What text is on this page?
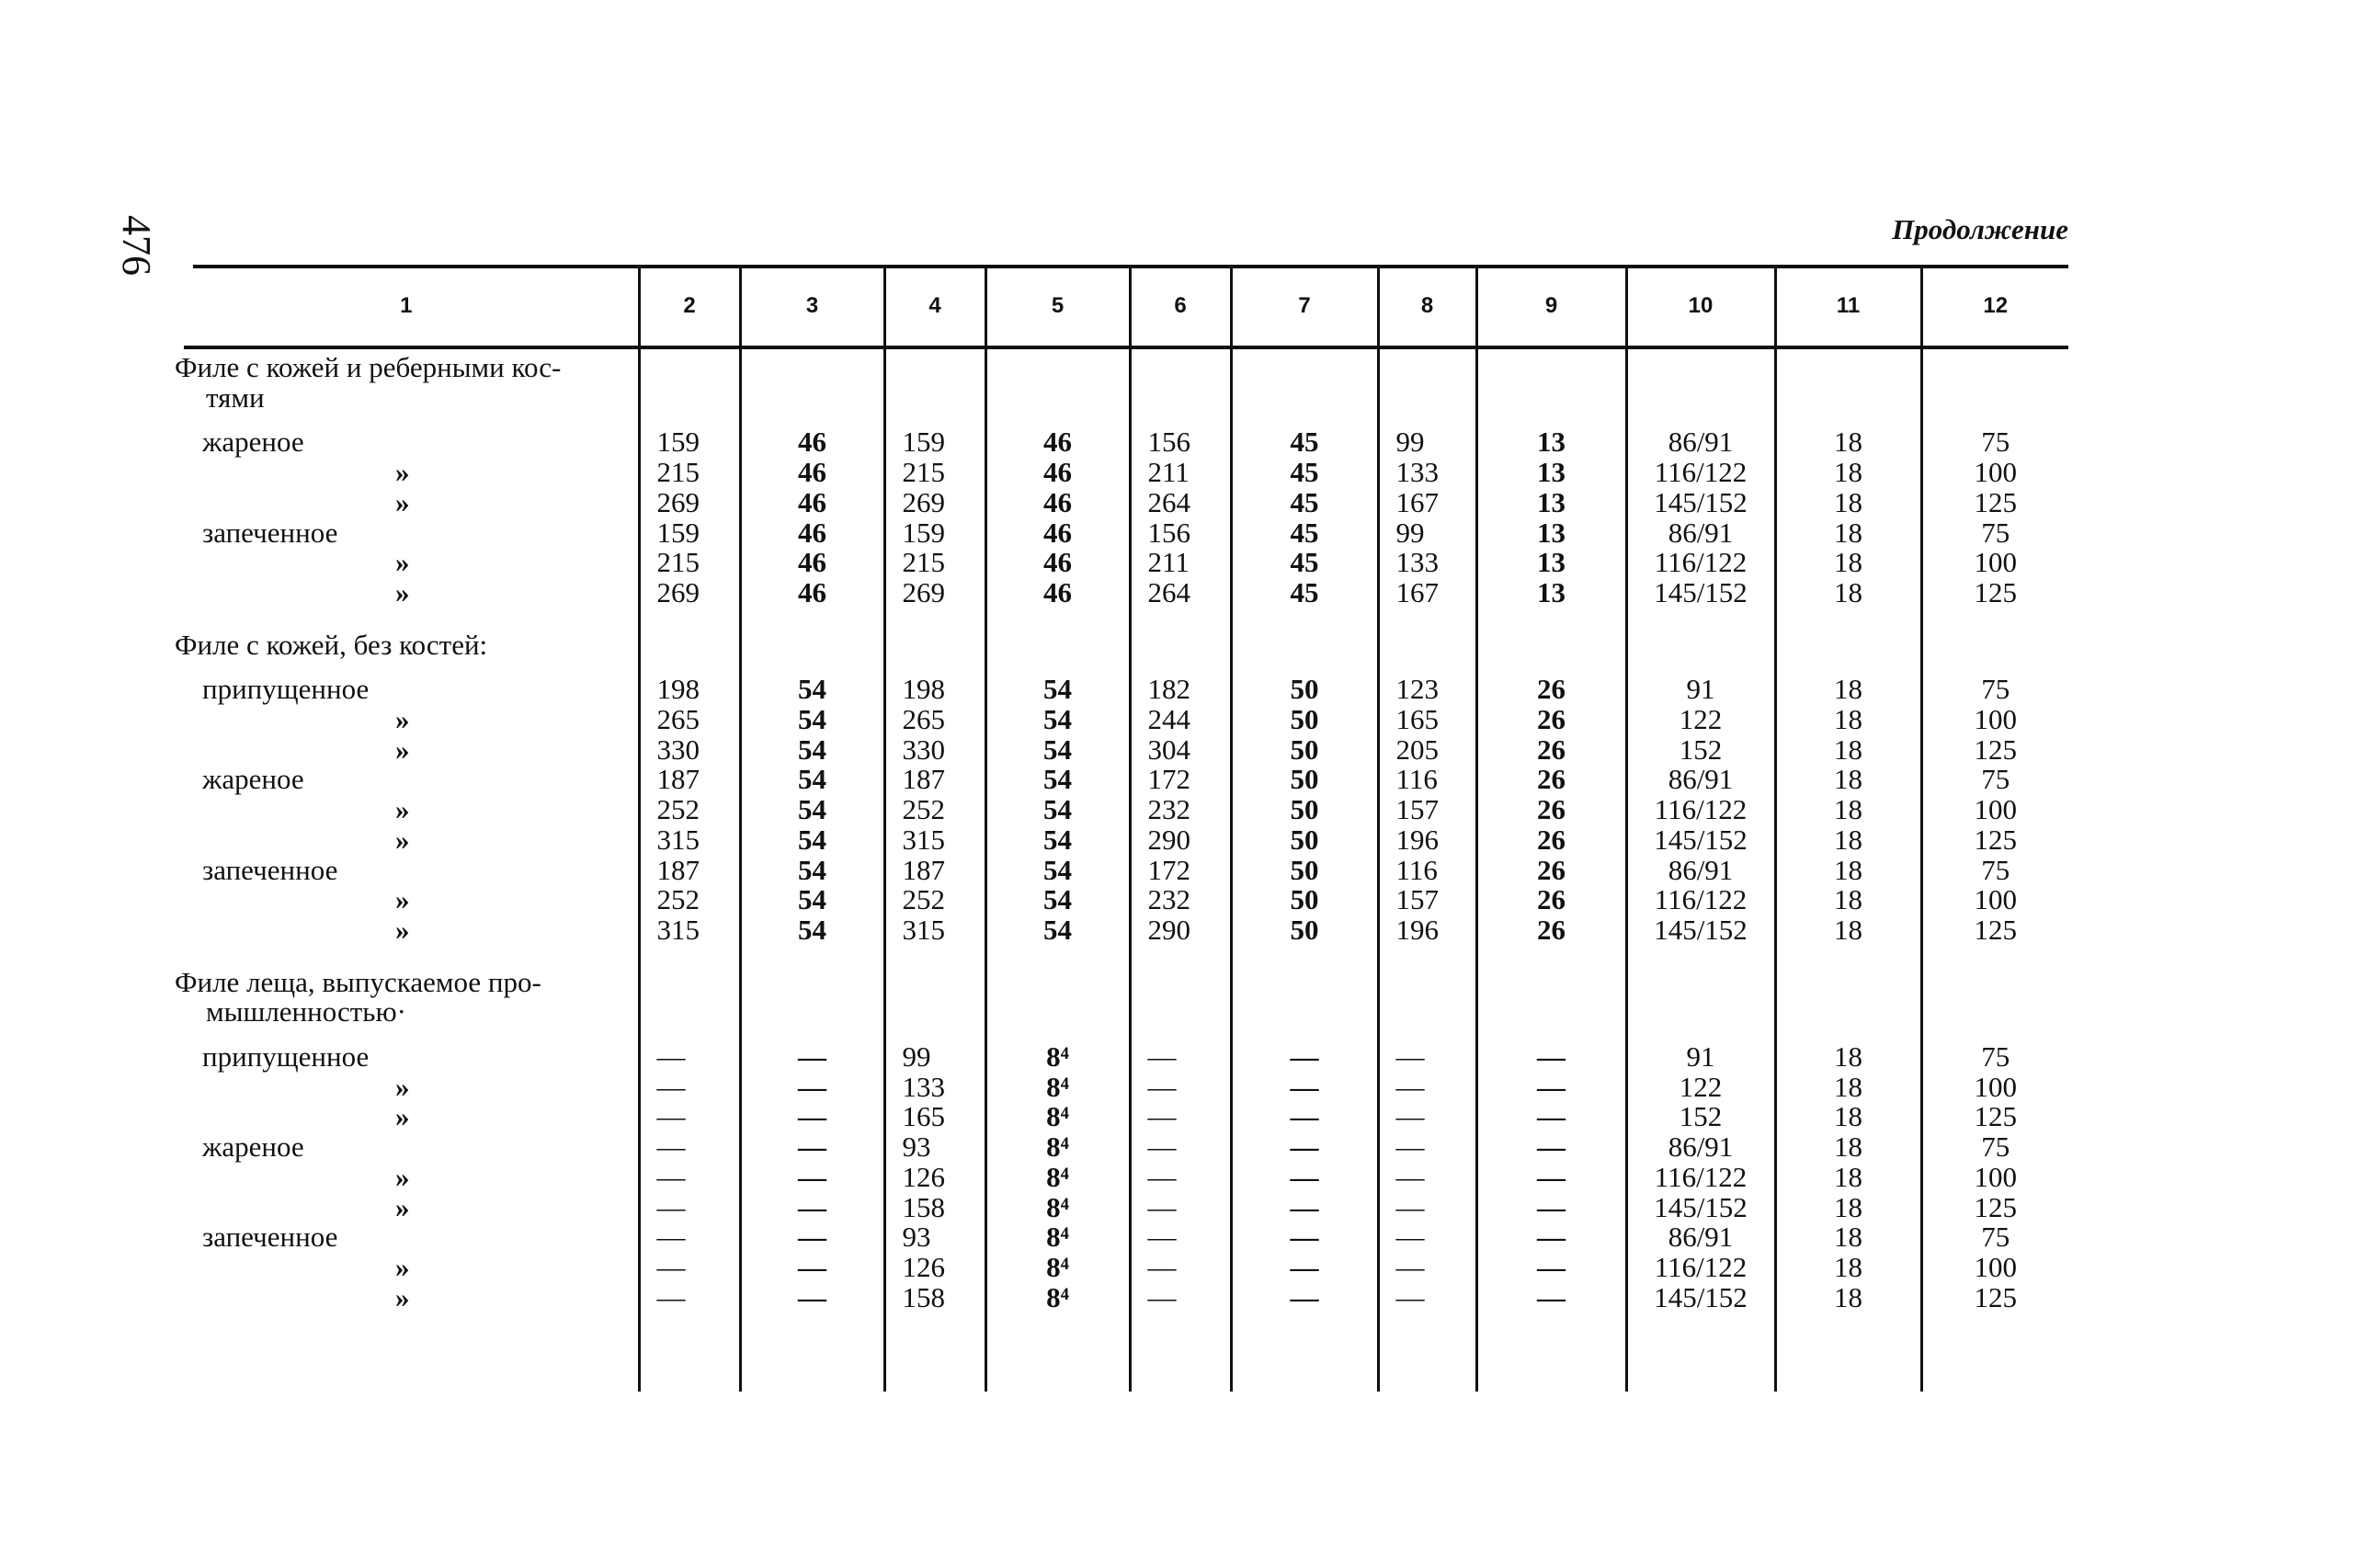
476	Продолжение
1	2	3	4	5	6	7	8	9	10	11	12

Филе с кожей и реберными кос-
тями											

жареное	159	46	159	46	156	45	99	13	86/91	18	75
»	215	46	215	46	211	45	133	13	116/122	18	100
»	269	46	269	46	264	45	167	13	145/152	18	125
запеченное	159	46	159	46	156	45	99	13	86/91	18	75
»	215	46	215	46	211	45	133	13	116/122	18	100
»	269	46	269	46	264	45	167	13	145/152	18	125

Филе с кожей, без костей:											

припущенное	198	54	198	54	182	50	123	26	91	18	75
»	265	54	265	54	244	50	165	26	122	18	100
»	330	54	330	54	304	50	205	26	152	18	125
жареное	187	54	187	54	172	50	116	26	86/91	18	75
»	252	54	252	54	232	50	157	26	116/122	18	100
»	315	54	315	54	290	50	196	26	145/152	18	125
запеченное	187	54	187	54	172	50	116	26	86/91	18	75
»	252	54	252	54	232	50	157	26	116/122	18	100
»	315	54	315	54	290	50	196	26	145/152	18	125

Филе леща, выпускаемое про-
мышленностью·											

припущенное	—	—	99	8⁴	—	—	—	—	91	18	75
»	—	—	133	8⁴	—	—	—	—	122	18	100
»	—	—	165	8⁴	—	—	—	—	152	18	125
жареное	—	—	93	8⁴	—	—	—	—	86/91	18	75
»	—	—	126	8⁴	—	—	—	—	116/122	18	100
»	—	—	158	8⁴	—	—	—	—	145/152	18	125
запеченное	—	—	93	8⁴	—	—	—	—	86/91	18	75
»	—	—	126	8⁴	—	—	—	—	116/122	18	100
»	—	—	158	8⁴	—	—	—	—	145/152	18	125
